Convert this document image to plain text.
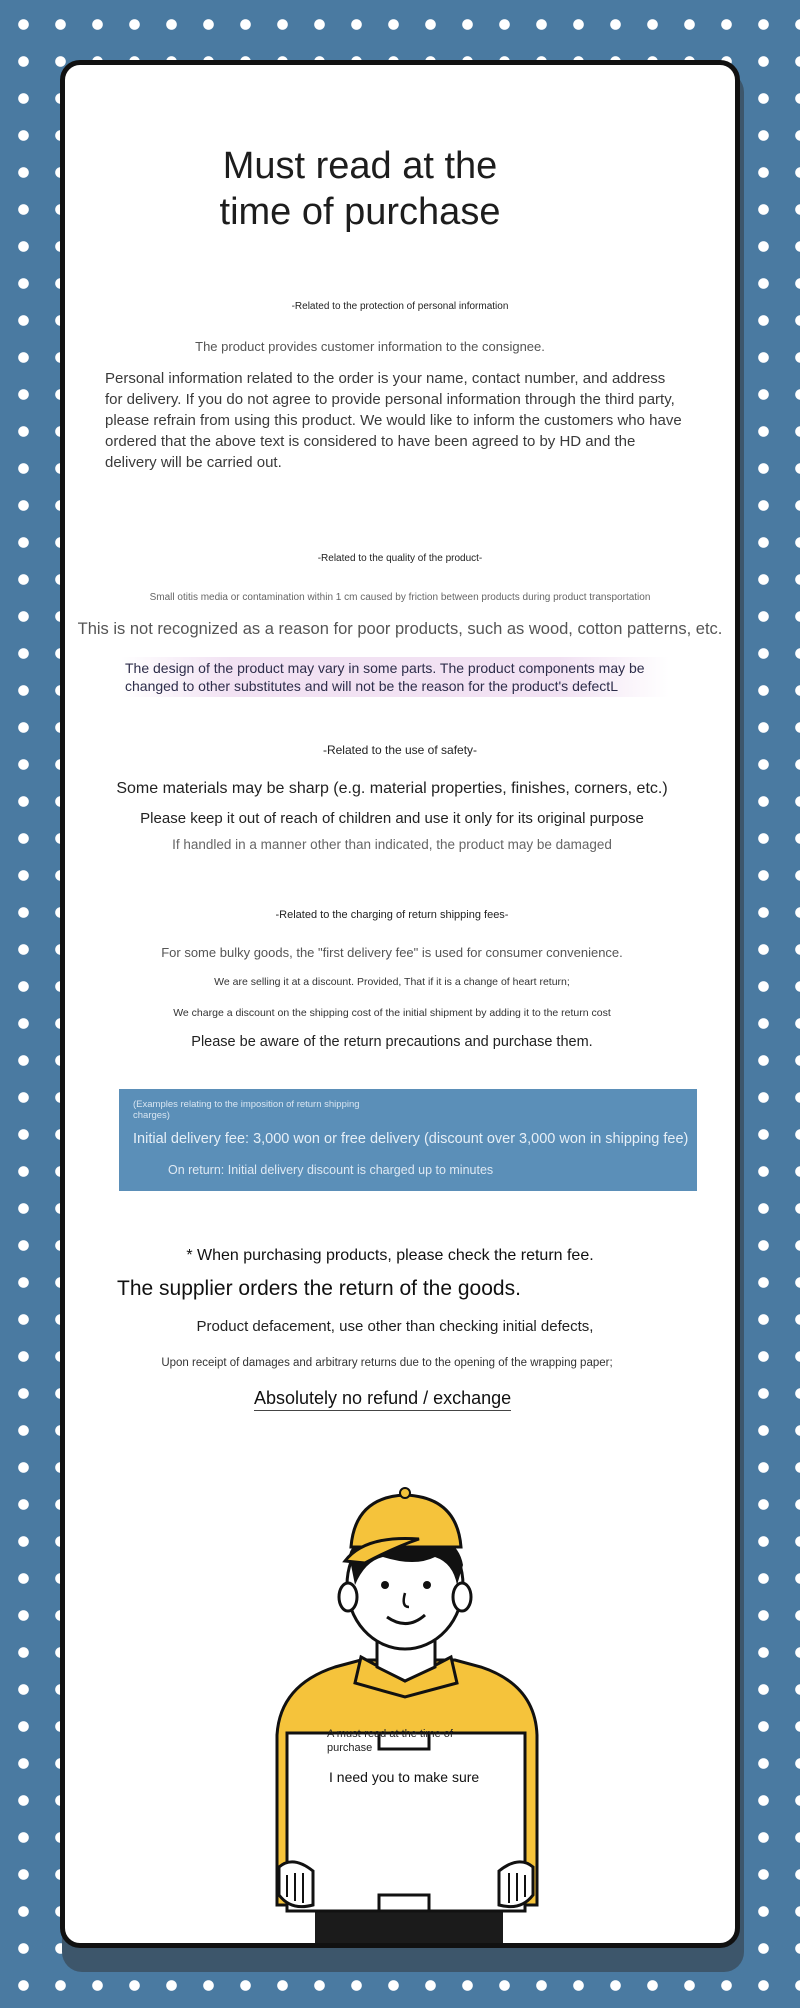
Must read at the
time of purchase
-Related to the protection of personal information
The product provides customer information to the consignee.

Personal information related to the order is your name, contact number, and address for delivery. If you do not agree to provide personal information through the third party, please refrain from using this product. We would like to inform the customers who have ordered that the above text is considered to have been agreed to by HD and the delivery will be carried out.

-Related to the quality of the product-
Small otitis media or contamination within 1 cm caused by friction between products during product transportation
This is not recognized as a reason for poor products, such as wood, cotton patterns, etc.
The design of the product may vary in some parts. The product components may be changed to other substitutes and will not be the reason for the product's defectL
-Related to the use of safety-
Some materials may be sharp (e.g. material properties, finishes, corners, etc.)
Please keep it out of reach of children and use it only for its original purpose
If handled in a manner other than indicated, the product may be damaged
-Related to the charging of return shipping fees-
For some bulky goods, the "first delivery fee" is used for consumer convenience.
We are selling it at a discount. Provided, That if it is a change of heart return;
We charge a discount on the shipping cost of the initial shipment by adding it to the return cost
Please be aware of the return precautions and purchase them.
(Examples relating to the imposition of return shipping charges)
Initial delivery fee: 3,000 won or free delivery (discount over 3,000 won in shipping fee)
On return: Initial delivery discount is charged up to minutes
* When purchasing products, please check the return fee.
The supplier orders the return of the goods.
Product defacement, use other than checking initial defects,
Upon receipt of damages and arbitrary returns due to the opening of the wrapping paper;
Absolutely no refund / exchange
A must-read at the time of purchase
I need you to make sure
